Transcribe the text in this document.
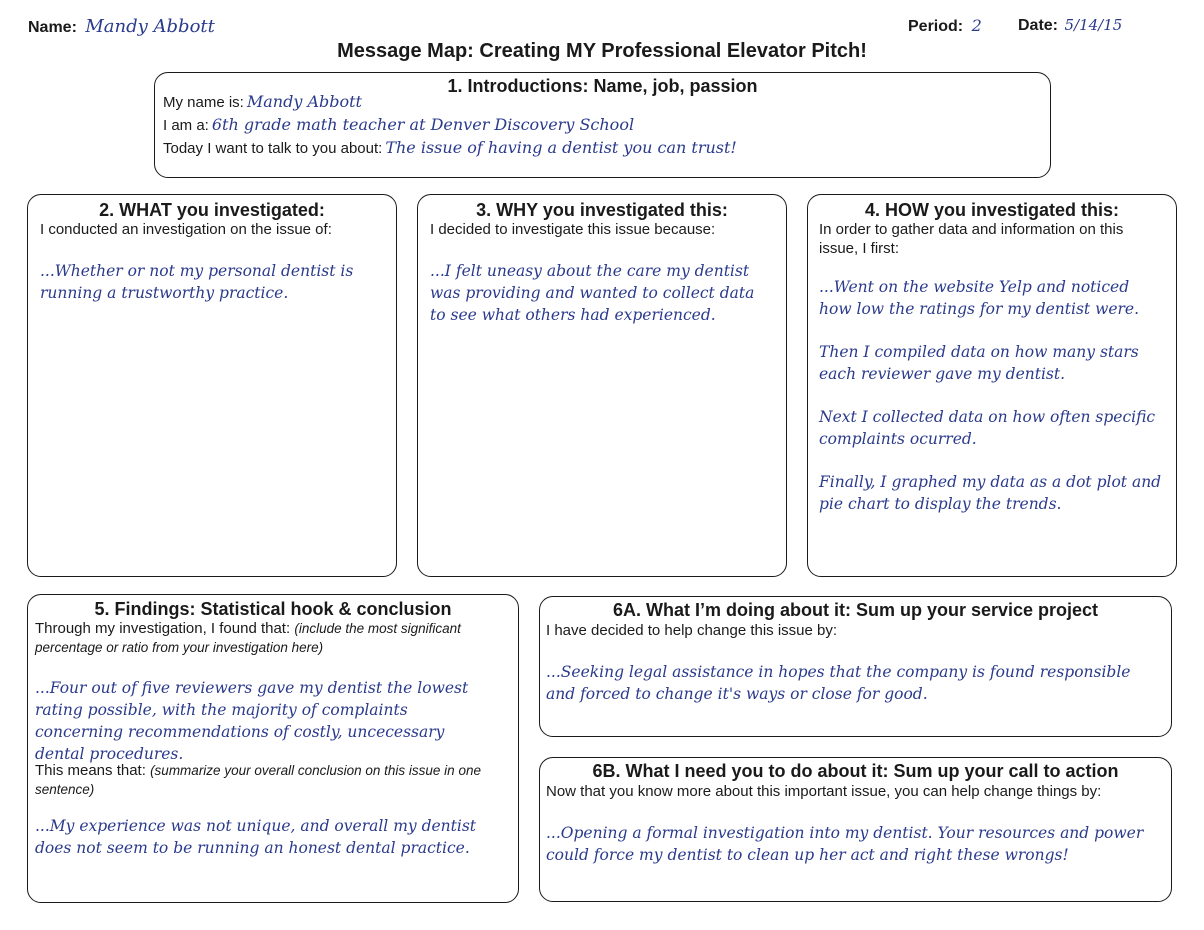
Name: Mandy Abbott	Period: 2 Date: 5/14/15
Message Map: Creating MY Professional Elevator Pitch!
1. Introductions: Name, job, passion
My name is: Mandy Abbott
I am a: 6th grade math teacher at Denver Discovery School
Today I want to talk to you about: The issue of having a dentist you can trust!
2. WHAT you investigated:
I conducted an investigation on the issue of:
...Whether or not my personal dentist is running a trustworthy practice.
3. WHY you investigated this:
I decided to investigate this issue because:
...I felt uneasy about the care my dentist was providing and wanted to collect data to see what others had experienced.
4. HOW you investigated this:
In order to gather data and information on this issue, I first:
...Went on the website Yelp and noticed how low the ratings for my dentist were.
Then I compiled data on how many stars each reviewer gave my dentist.
Next I collected data on how often specific complaints ocurred.
Finally, I graphed my data as a dot plot and pie chart to display the trends.
5. Findings: Statistical hook & conclusion
Through my investigation, I found that: (include the most significant percentage or ratio from your investigation here)
...Four out of five reviewers gave my dentist the lowest rating possible, with the majority of complaints concerning recommendations of costly, uncecessary dental procedures.
This means that: (summarize your overall conclusion on this issue in one sentence)
...My experience was not unique, and overall my dentist does not seem to be running an honest dental practice.
6A. What I’m doing about it: Sum up your service project
I have decided to help change this issue by:
...Seeking legal assistance in hopes that the company is found responsible and forced to change it's ways or close for good.
6B. What I need you to do about it: Sum up your call to action
Now that you know more about this important issue, you can help change things by:
...Opening a formal investigation into my dentist. Your resources and power could force my dentist to clean up her act and right these wrongs!
